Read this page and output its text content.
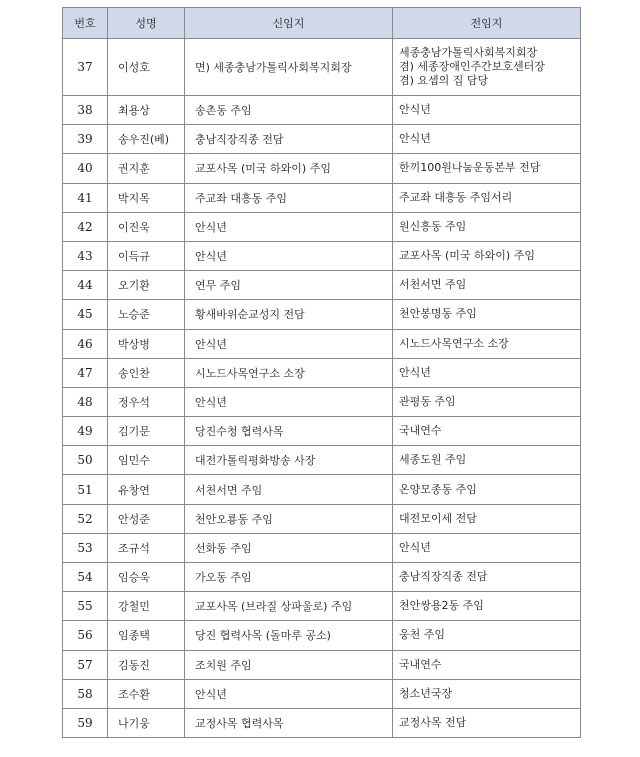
번호	성명	신임지	전임지
37	이성호	면) 세종충남가톨릭사회복지회장	세종충남가톨릭사회복지회장
겸) 세종장애인주간보호센터장
겸) 요셉의 집 담당

38	최용상	송촌동 주임	안식년

39	송우진(베)	충남직장직종 전담	안식년

40	권지훈	교포사목 (미국 하와이) 주임	한끼100원나눔운동본부 전담

41	박지목	주교좌 대흥동 주임	주교좌 대흥동 주임서리

42	이진욱	안식년	원신흥동 주임

43	이득규	안식년	교포사목 (미국 하와이) 주임

44	오기환	연무 주임	서천서면 주임

45	노승준	황새바위순교성지 전담	천안봉명동 주임

46	박상병	안식년	시노드사목연구소 소장

47	송인찬	시노드사목연구소 소장	안식년

48	정우석	안식년	관평동 주임

49	김기문	당진수청 협력사목	국내연수

50	임민수	대전가톨릭평화방송 사장	세종도원 주임

51	유창연	서천서면 주임	온양모종동 주임

52	안성준	천안오룡동 주임	대전모이세 전담

53	조규석	선화동 주임	안식년

54	임승욱	가오동 주임	충남직장직종 전담

55	강철민	교포사목 (브라질 상파울로) 주임	천안쌍용2동 주임

56	임종택	당진 협력사목 (돌마루 공소)	웅천 주임

57	김동진	조치원 주임	국내연수

58	조수환	안식년	청소년국장

59	나기웅	교정사목 협력사목	교정사목 전담
